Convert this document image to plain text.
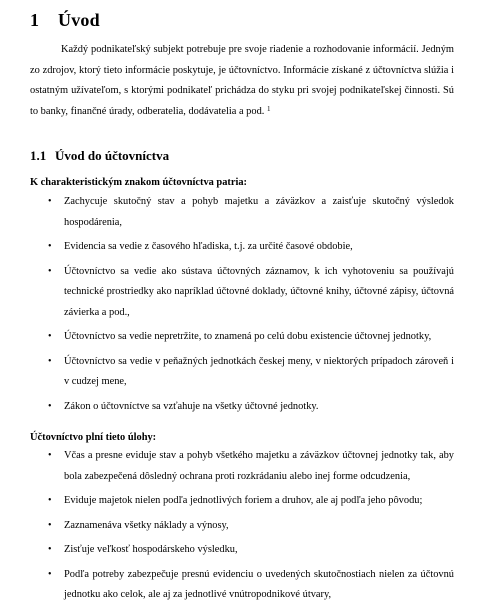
1 Úvod

Každý podnikateľský subjekt potrebuje pre svoje riadenie a rozhodovanie informácií. Jedným zo zdrojov, ktorý tieto informácie poskytuje, je účtovníctvo. Informácie získané z účtovníctva slúžia i ostatným užívateľom, s ktorými podnikateľ prichádza do styku pri svojej podnikateľskej činnosti. Sú to banky, finančné úrady, odberatelia, dodávatelia a pod. $^1$

1.1 Úvod do účtovníctva
K charakteristickým znakom účtovníctva patria:
• Zachycuje skutočný stav a pohyb majetku a záväzkov a zaisťuje skutočný výsledok hospodárenia,
• Evidencia sa vedie z časového hľadiska, t.j. za určité časové obdobie,
• Účtovníctvo sa vedie ako sústava účtovných záznamov, k ich vyhotoveniu sa používajú technické prostriedky ako napríklad účtovné doklady, účtovné knihy, účtovné zápisy, účtovná závierka a pod.,
• Účtovníctvo sa vedie nepretržite, to znamená po celú dobu existencie účtovnej jednotky,
• Účtovníctvo sa vedie v peňažných jednotkách českej meny, v niektorých prípadoch zároveň i v cudzej mene,
• Zákon o účtovníctve sa vzťahuje na všetky účtovné jednotky.
Účtovníctvo plní tieto úlohy:
• Včas a presne eviduje stav a pohyb všetkého majetku a záväzkov účtovnej jednotky tak, aby bola zabezpečená dôsledný ochrana proti rozkrádaniu alebo inej forme odcudzenia,
• Eviduje majetok nielen podľa jednotlivých foriem a druhov, ale aj podľa jeho pôvodu;
• Zaznamenáva všetky náklady a výnosy,
• Zisťuje veľkosť hospodárskeho výsledku,
• Podľa potreby zabezpečuje presnú evidenciu o uvedených skutočnostiach nielen za účtovnú jednotku ako celok, ale aj za jednotlivé vnútropodnikové útvary,
